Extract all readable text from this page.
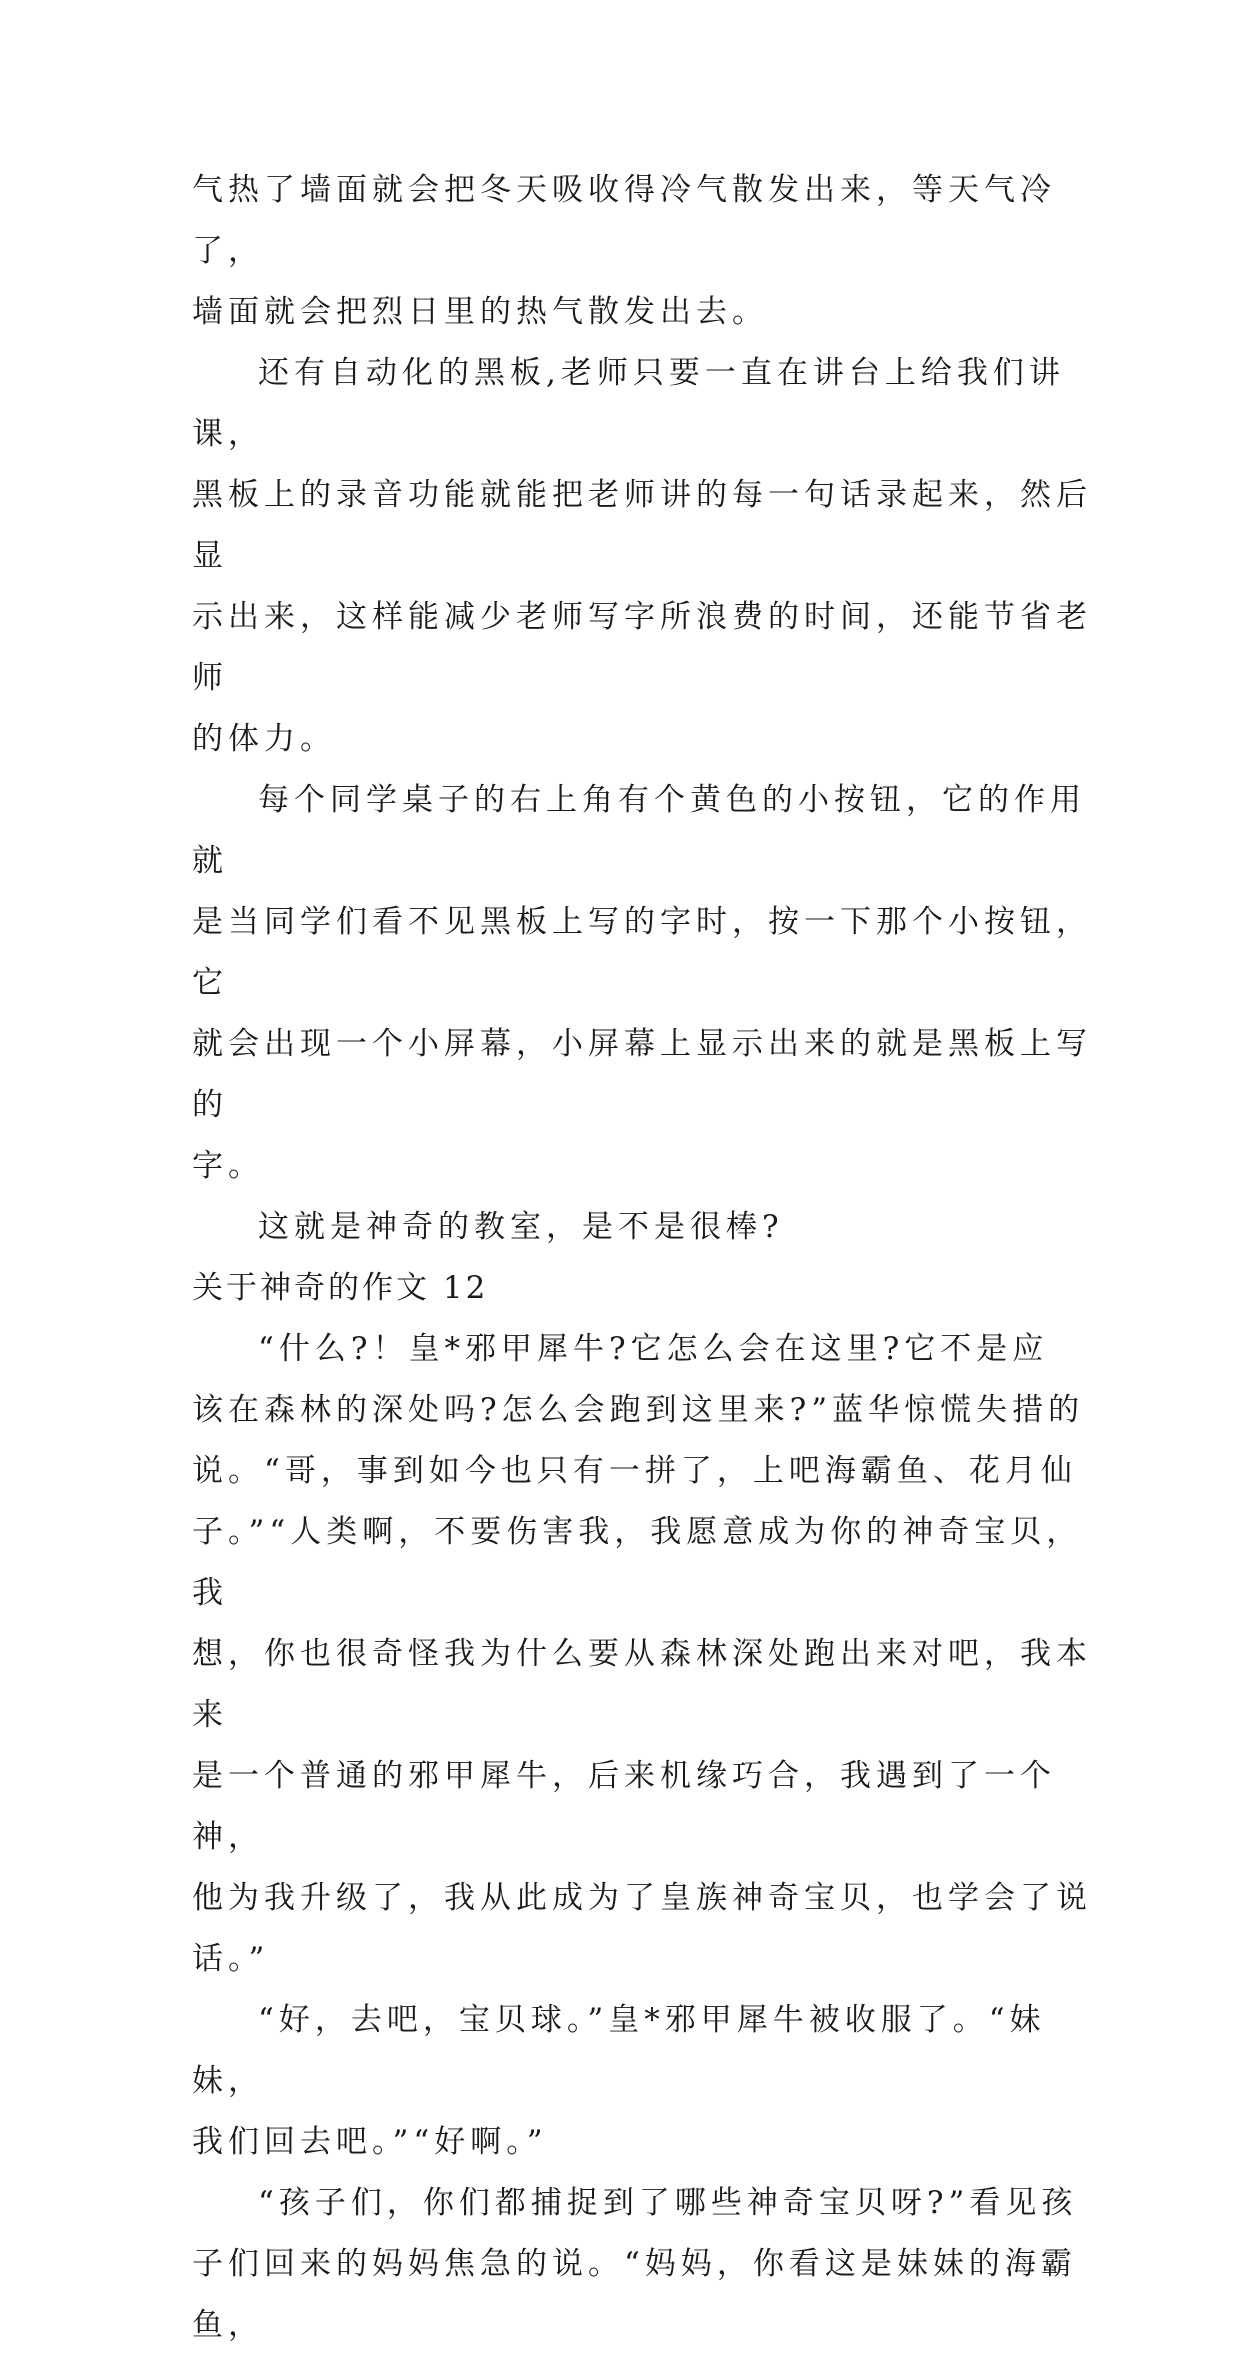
气热了墙面就会把冬天吸收得冷气散发出来，等天气冷了，
墙面就会把烈日里的热气散发出去。

还有自动化的黑板,老师只要一直在讲台上给我们讲课，
黑板上的录音功能就能把老师讲的每一句话录起来，然后显
示出来，这样能减少老师写字所浪费的时间，还能节省老师
的体力。

每个同学桌子的右上角有个黄色的小按钮，它的作用就
是当同学们看不见黑板上写的字时，按一下那个小按钮，它
就会出现一个小屏幕，小屏幕上显示出来的就是黑板上写的
字。

这就是神奇的教室，是不是很棒?

关于神奇的作文 12

“什么?！皇*邪甲犀牛?它怎么会在这里?它不是应
该在森林的深处吗?怎么会跑到这里来?”蓝华惊慌失措的
说。“哥，事到如今也只有一拼了，上吧海霸鱼、花月仙
子。”“人类啊，不要伤害我，我愿意成为你的神奇宝贝，我
想，你也很奇怪我为什么要从森林深处跑出来对吧，我本来
是一个普通的邪甲犀牛，后来机缘巧合，我遇到了一个神，
他为我升级了，我从此成为了皇族神奇宝贝，也学会了说
话。”

“好，去吧，宝贝球。”皇*邪甲犀牛被收服了。“妹妹，
我们回去吧。”“好啊。”

“孩子们，你们都捕捉到了哪些神奇宝贝呀?”看见孩
子们回来的妈妈焦急的说。“妈妈，你看这是妹妹的海霸鱼，
